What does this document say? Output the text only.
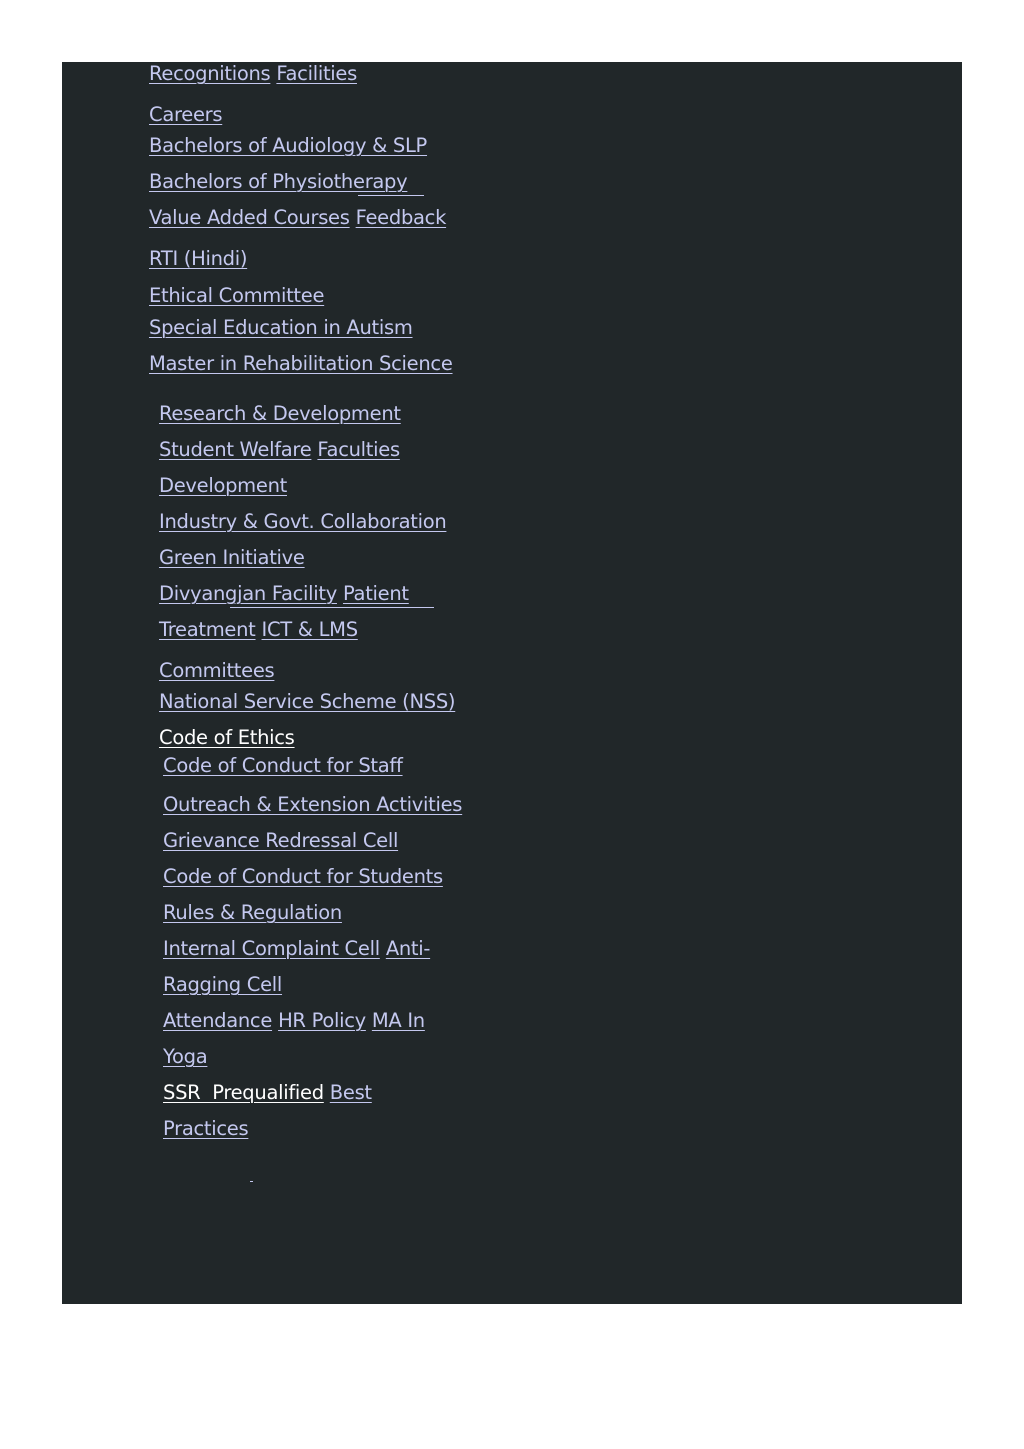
Recognitions Facilities
Careers
Bachelors of Audiology & SLP
Bachelors of Physiotherapy
Value Added Courses Feedback
RTI (Hindi)
Ethical Committee
Special Education in Autism
Master in Rehabilitation Science
Research & Development
Student Welfare Faculties
Development
Industry & Govt. Collaboration
Green Initiative
Divyangjan Facility Patient
Treatment ICT & LMS
Committees
National Service Scheme (NSS)
Code of Ethics
Code of Conduct for Staff
Outreach & Extension Activities
Grievance Redressal Cell
Code of Conduct for Students
Rules & Regulation
Internal Complaint Cell Anti-
Ragging Cell
Attendance HR Policy MA In
Yoga
SSR  Prequalified Best
Practices
